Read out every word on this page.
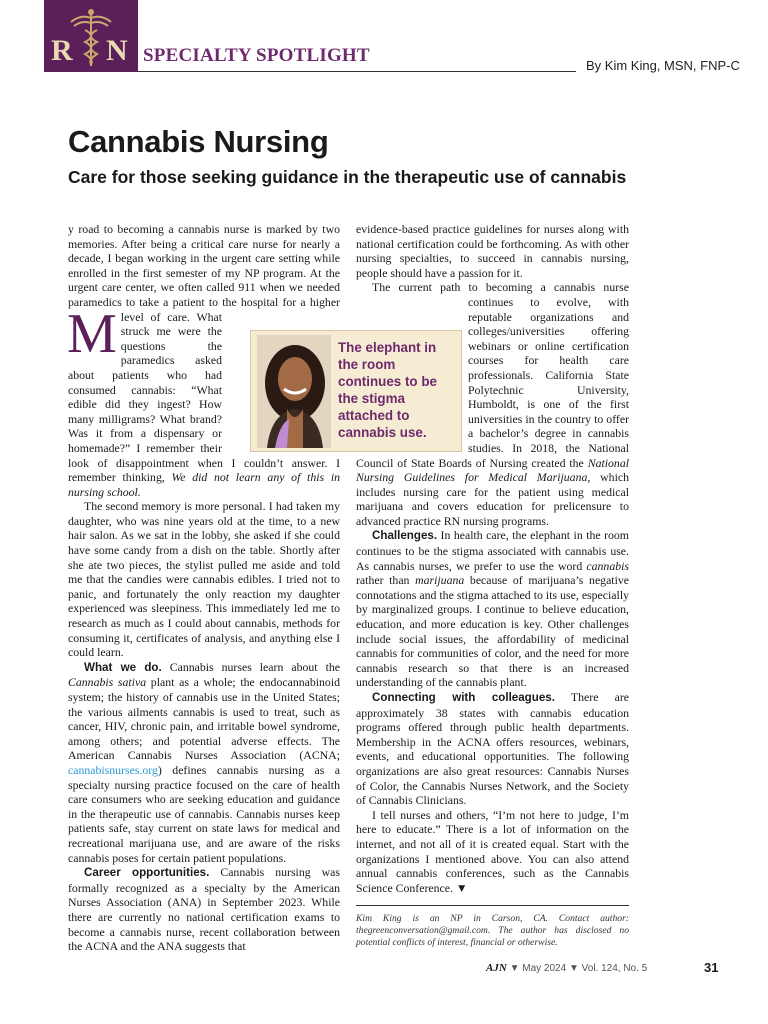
R N SPECIALTY SPOTLIGHT	By Kim King, MSN, FNP-C
Cannabis Nursing
Care for those seeking guidance in the therapeutic use of cannabis

M
y road to becoming a cannabis nurse is marked by two memories. After being a critical care nurse for nearly a decade, I began working in the urgent care setting while enrolled in the first semester of my NP program. At the urgent care center, we often called 911 when we needed paramedics to take a patient to the hospital for a higher level of care. What struck me were the questions the paramedics asked about patients who had consumed cannabis: “What edible did they ingest? How many milligrams? What brand? Was it from a dispensary or homemade?” I remember their look of disappointment when I couldn’t answer. I remember thinking, We did not learn any of this in nursing school.

The second memory is more personal. I had taken my daughter, who was nine years old at the time, to a new hair salon. As we sat in the lobby, she asked if she could have some candy from a dish on the table. Shortly after she ate two pieces, the stylist pulled me aside and told me that the candies were cannabis edibles. I tried not to panic, and fortunately the only reaction my daughter experienced was sleepiness. This immediately led me to research as much as I could about cannabis, methods for consuming it, certificates of analysis, and anything else I could learn.

What we do. Cannabis nurses learn about the Cannabis sativa plant as a whole; the endocannabinoid system; the history of cannabis use in the United States; the various ailments cannabis is used to treat, such as cancer, HIV, chronic pain, and irritable bowel syndrome, among others; and potential adverse effects. The American Cannabis Nurses Association (ACNA; cannabisnurses.org) defines cannabis nursing as a specialty nursing practice focused on the care of health care consumers who are seeking education and guidance in the therapeutic use of cannabis. Cannabis nurses keep patients safe, stay current on state laws for medical and recreational marijuana use, and are aware of the risks cannabis poses for certain patient populations.

Career opportunities. Cannabis nursing was formally recognized as a specialty by the American Nurses Association (ANA) in September 2023. While there are currently no national certification exams to become a cannabis nurse, recent collaboration between the ACNA and the ANA suggests that

evidence-based practice guidelines for nurses along with national certification could be forthcoming. As with other nursing specialties, to succeed in cannabis nursing, people should have a passion for it.

The current path to becoming a cannabis nurse continues to evolve, with reputable organizations and colleges/universities offering webinars or online certification courses for health care professionals. California State Polytechnic University, Humboldt, is one of the first universities in the country to offer a bachelor’s degree in cannabis studies. In 2018, the National Council of State Boards of Nursing created the National Nursing Guidelines for Medical Marijuana, which includes nursing care for the patient using medical marijuana and covers education for prelicensure to advanced practice RN nursing programs.

Challenges. In health care, the elephant in the room continues to be the stigma associated with cannabis use. As cannabis nurses, we prefer to use the word cannabis rather than marijuana because of marijuana’s negative connotations and the stigma attached to its use, especially by marginalized groups. I continue to believe education, education, and more education is key. Other challenges include social issues, the affordability of medicinal cannabis for communities of color, and the need for more cannabis research so that there is an increased understanding of the cannabis plant.

Connecting with colleagues. There are approximately 38 states with cannabis education programs offered through public health departments. Membership in the ACNA offers resources, webinars, events, and educational opportunities. The following organizations are also great resources: Cannabis Nurses of Color, the Cannabis Nurses Network, and the Society of Cannabis Clinicians.

I tell nurses and others, “I’m not here to judge, I’m here to educate.” There is a lot of information on the internet, and not all of it is created equal. Start with the organizations I mentioned above. You can also attend annual cannabis conferences, such as the Cannabis Science Conference. ▼

The elephant in the room continues to be the stigma attached to cannabis use.
Kim King is an NP in Carson, CA. Contact author: thegreenconversation@gmail.com. The author has disclosed no potential conflicts of interest, financial or otherwise.
AJN ▼ May 2024 ▼ Vol. 124, No. 5	31
